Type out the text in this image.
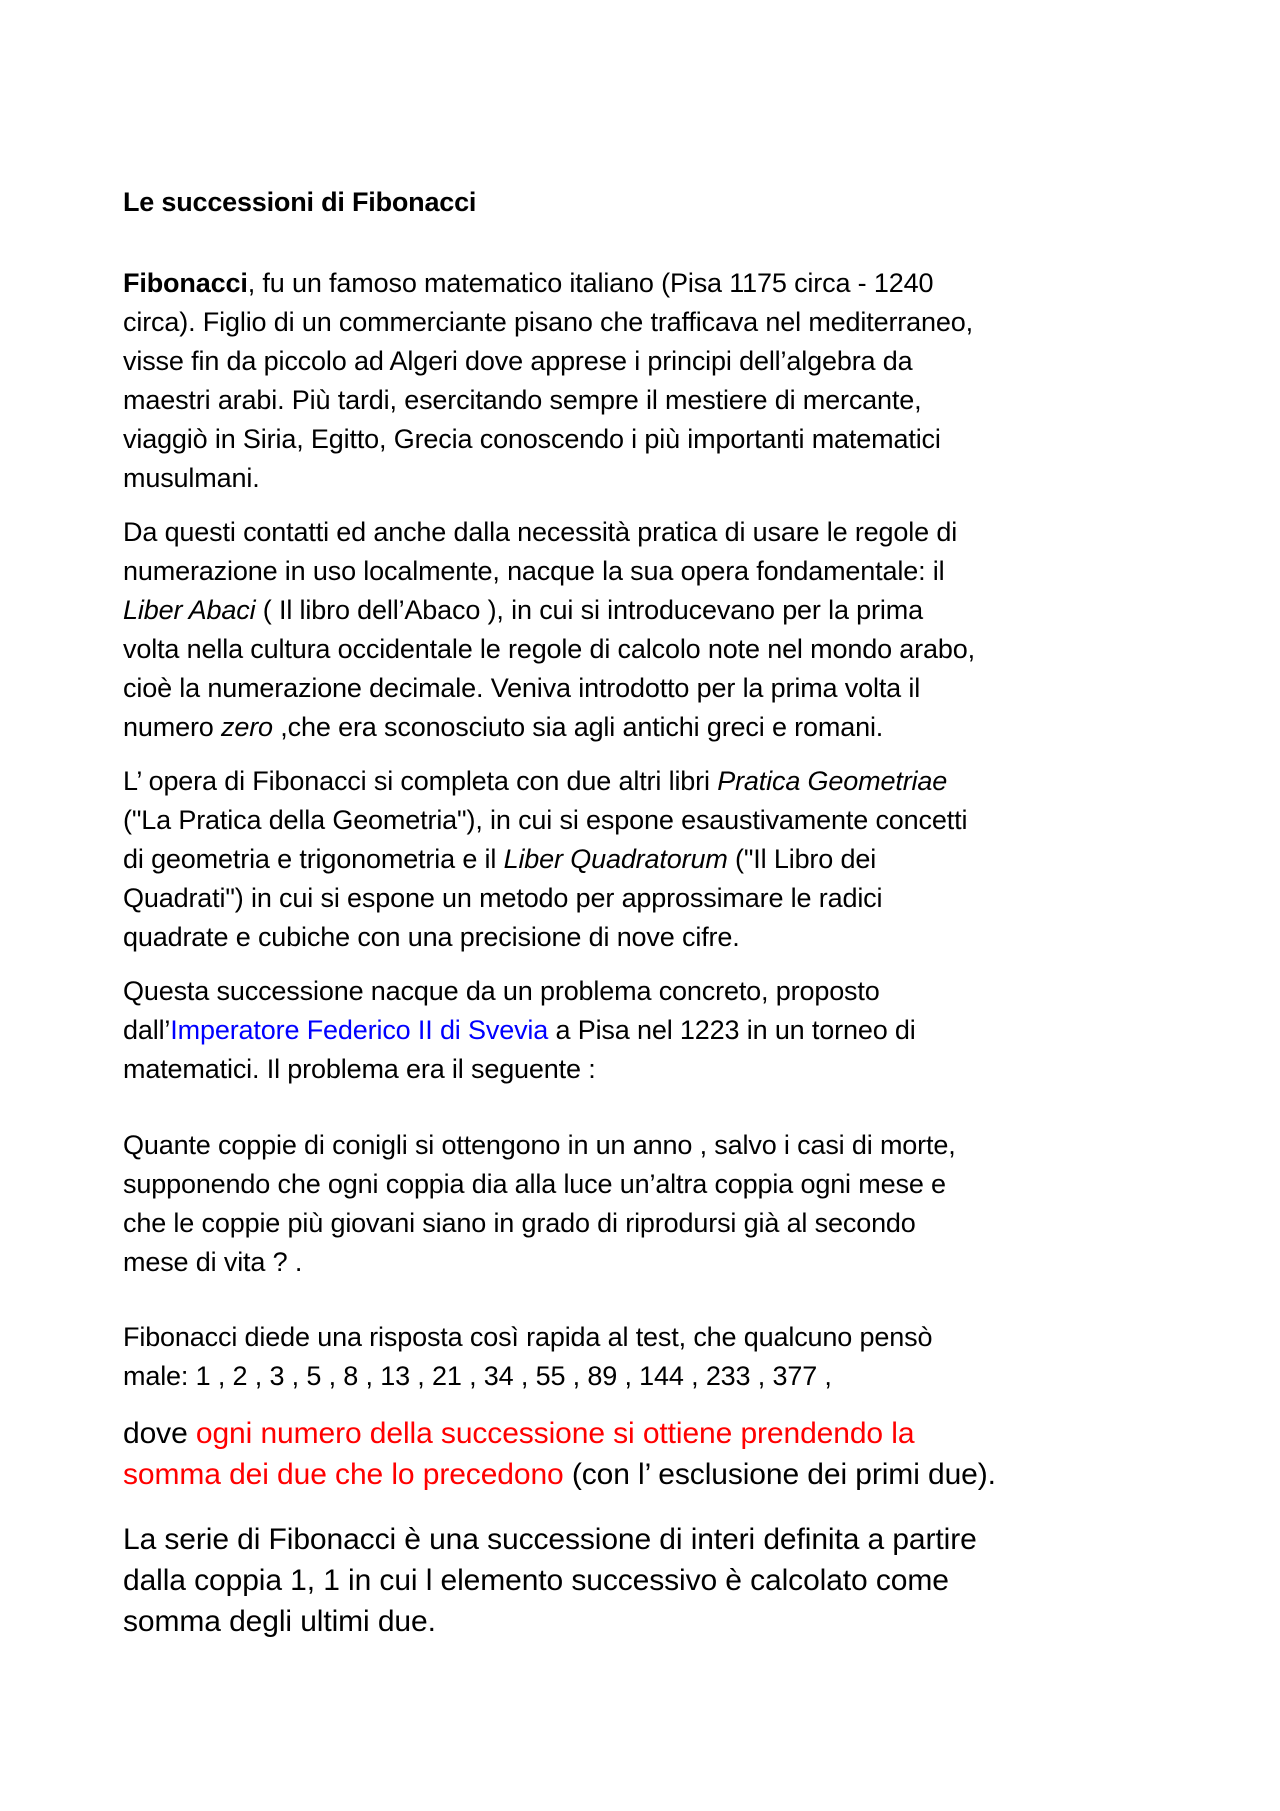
Le successioni di Fibonacci
Fibonacci, fu un famoso matematico italiano (Pisa 1175 circa - 1240
circa). Figlio di un commerciante pisano che trafficava nel mediterraneo,
visse fin da piccolo ad Algeri dove apprese i principi dell’algebra da
maestri arabi. Più tardi, esercitando sempre il mestiere di mercante,
viaggiò in Siria, Egitto, Grecia conoscendo i più importanti matematici
musulmani.
Da questi contatti ed anche dalla necessità pratica di usare le regole di
numerazione in uso localmente, nacque la sua opera fondamentale: il
Liber Abaci ( Il libro dell’Abaco ), in cui si introducevano per la prima
volta nella cultura occidentale le regole di calcolo note nel mondo arabo,
cioè la numerazione decimale. Veniva introdotto per la prima volta il
numero zero ,che era sconosciuto sia agli antichi greci e romani.
L’ opera di Fibonacci si completa con due altri libri Pratica Geometriae
("La Pratica della Geometria"), in cui si espone esaustivamente concetti
di geometria e trigonometria e il Liber Quadratorum ("Il Libro dei
Quadrati") in cui si espone un metodo per approssimare le radici
quadrate e cubiche con una precisione di nove cifre.
Questa successione nacque da un problema concreto, proposto
dall’Imperatore Federico II di Svevia a Pisa nel 1223 in un torneo di
matematici. Il problema era il seguente :
Quante coppie di conigli si ottengono in un anno , salvo i casi di morte,
supponendo che ogni coppia dia alla luce un’altra coppia ogni mese e
che le coppie più giovani siano in grado di riprodursi già al secondo
mese di vita ? .
Fibonacci diede una risposta così rapida al test, che qualcuno pensò
male: 1 , 2 , 3 , 5 , 8 , 13 , 21 , 34 , 55 , 89 , 144 , 233 , 377 ,
dove ogni numero della successione si ottiene prendendo la
somma dei due che lo precedono (con l’ esclusione dei primi due).
La serie di Fibonacci è una successione di interi definita a partire
dalla coppia 1, 1 in cui l elemento successivo è calcolato come
somma degli ultimi due.
